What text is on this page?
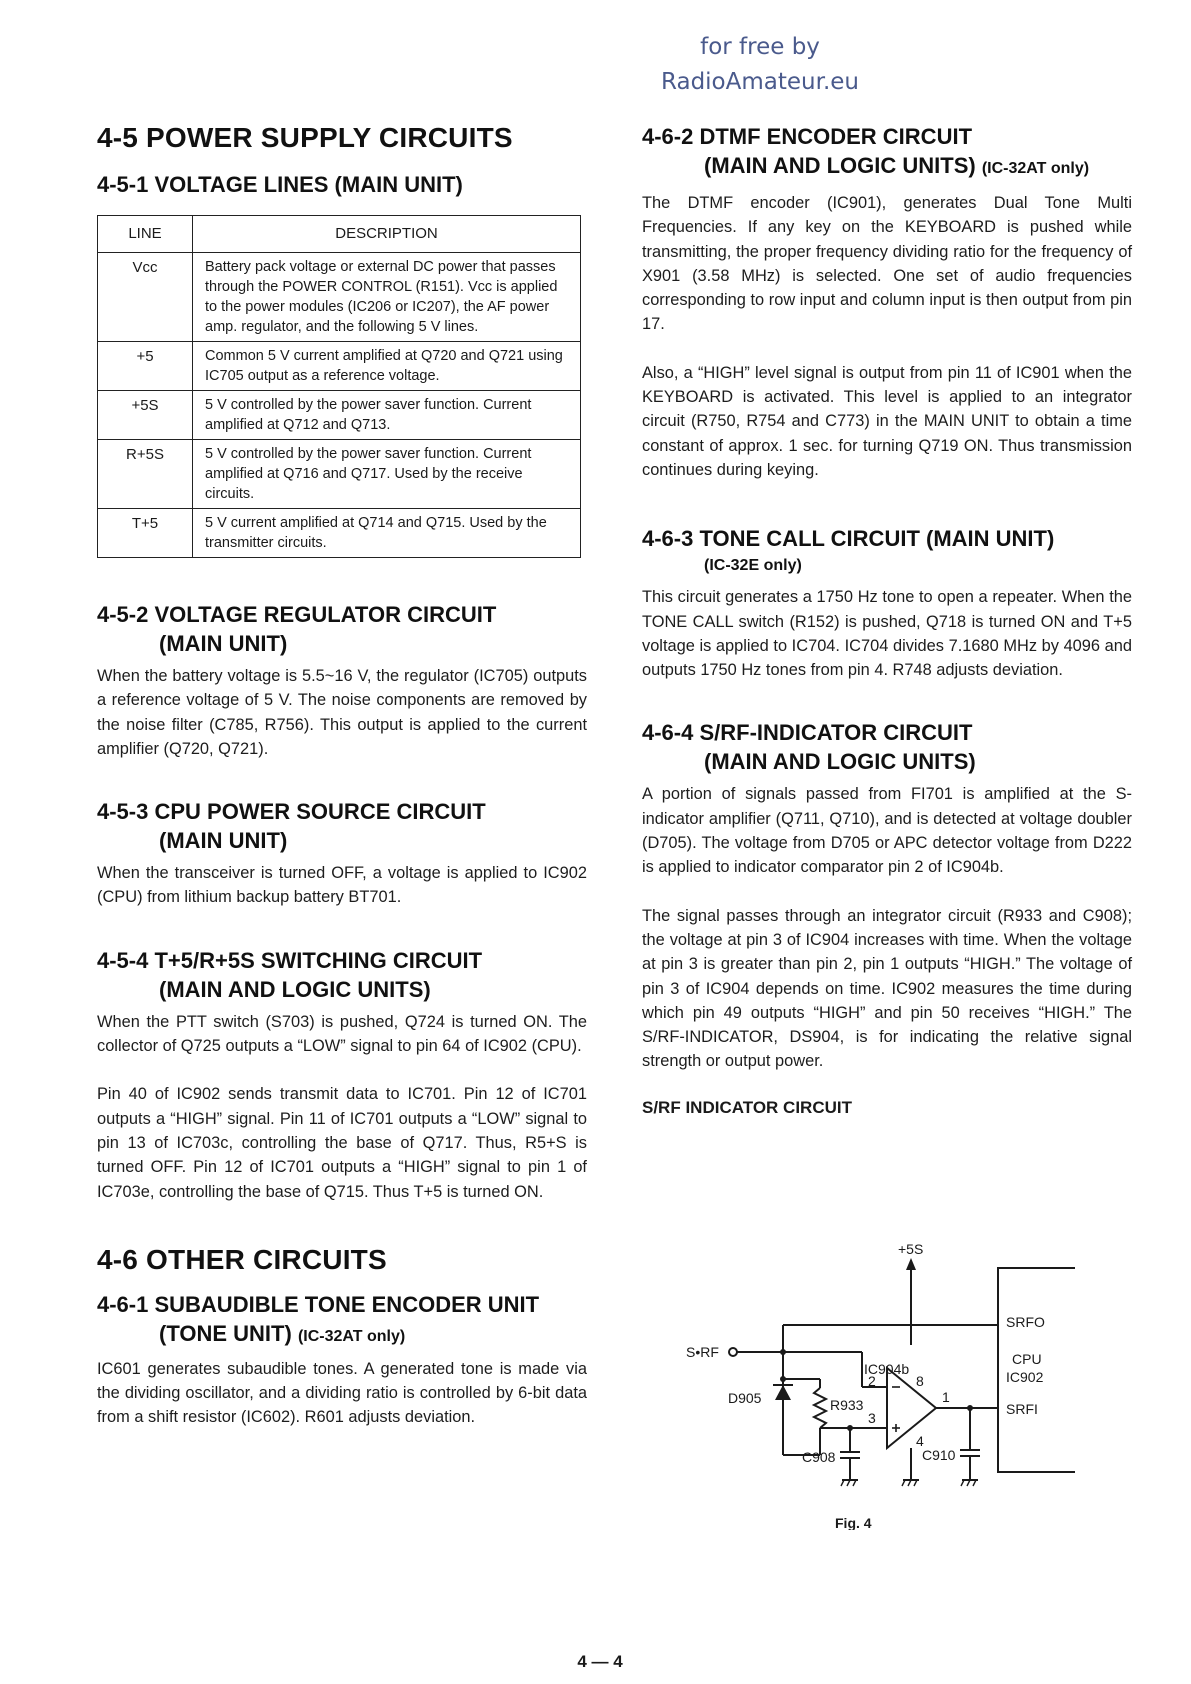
for free by
RadioAmateur.eu
4-5 POWER SUPPLY CIRCUITS
4-5-1 VOLTAGE LINES (MAIN UNIT)
LINE	DESCRIPTION
Vcc	Battery pack voltage or external DC power that passes through the POWER CONTROL (R151). Vcc is applied to the power modules (IC206 or IC207), the AF power amp. regulator, and the following 5 V lines.
+5	Common 5 V current amplified at Q720 and Q721 using IC705 output as a reference voltage.
+5S	5 V controlled by the power saver function. Current amplified at Q712 and Q713.
R+5S	5 V controlled by the power saver function. Current amplified at Q716 and Q717. Used by the receive circuits.
T+5	5 V current amplified at Q714 and Q715. Used by the transmitter circuits.
4-5-2 VOLTAGE REGULATOR CIRCUIT
(MAIN UNIT)

When the battery voltage is 5.5~16 V, the regulator (IC705) outputs a reference voltage of 5 V. The noise components are removed by the noise filter (C785, R756). This output is applied to the current amplifier (Q720, Q721).

4-5-3 CPU POWER SOURCE CIRCUIT
(MAIN UNIT)

When the transceiver is turned OFF, a voltage is applied to IC902 (CPU) from lithium backup battery BT701.

4-5-4 T+5/R+5S SWITCHING CIRCUIT
(MAIN AND LOGIC UNITS)

When the PTT switch (S703) is pushed, Q724 is turned ON. The collector of Q725 outputs a “LOW” signal to pin 64 of IC902 (CPU).

Pin 40 of IC902 sends transmit data to IC701. Pin 12 of IC701 outputs a “HIGH” signal. Pin 11 of IC701 outputs a “LOW” signal to pin 13 of IC703c, controlling the base of Q717. Thus, R5+S is turned OFF. Pin 12 of IC701 outputs a “HIGH” signal to pin 1 of IC703e, controlling the base of Q715. Thus T+5 is turned ON.

4-6 OTHER CIRCUITS
4-6-1 SUBAUDIBLE TONE ENCODER UNIT
(TONE UNIT) (IC-32AT only)

IC601 generates subaudible tones. A generated tone is made via the dividing oscillator, and a dividing ratio is controlled by 6-bit data from a shift resistor (IC602). R601 adjusts deviation.

4-6-2 DTMF ENCODER CIRCUIT
(MAIN AND LOGIC UNITS) (IC-32AT only)

The DTMF encoder (IC901), generates Dual Tone Multi Frequencies. If any key on the KEYBOARD is pushed while transmitting, the proper frequency dividing ratio for the frequency of X901 (3.58 MHz) is selected. One set of audio frequencies corresponding to row input and column input is then output from pin 17.

Also, a “HIGH” level signal is output from pin 11 of IC901 when the KEYBOARD is activated. This level is applied to an integrator circuit (R750, R754 and C773) in the MAIN UNIT to obtain a time constant of approx. 1 sec. for turning Q719 ON. Thus transmission continues during keying.

4-6-3 TONE CALL CIRCUIT (MAIN UNIT)
(IC-32E only)

This circuit generates a 1750 Hz tone to open a repeater. When the TONE CALL switch (R152) is pushed, Q718 is turned ON and T+5 voltage is applied to IC704. IC704 divides 7.1680 MHz by 4096 and outputs 1750 Hz tones from pin 4. R748 adjusts deviation.

4-6-4 S/RF-INDICATOR CIRCUIT
(MAIN AND LOGIC UNITS)

A portion of signals passed from FI701 is amplified at the S-indicator amplifier (Q711, Q710), and is detected at voltage doubler (D705). The voltage from D705 or APC detector voltage from D222 is applied to indicator comparator pin 2 of IC904b.

The signal passes through an integrator circuit (R933 and C908); the voltage at pin 3 of IC904 increases with time. When the voltage at pin 3 is greater than pin 2, pin 1 outputs “HIGH.” The voltage of pin 3 of IC904 depends on time. IC902 measures the time during which pin 49 outputs “HIGH” and pin 50 receives “HIGH.” The S/RF-INDICATOR, DS904, is for indicating the relative signal strength or output power.

S/RF INDICATOR CIRCUIT
+5S
S•RF
SRFO
CPU
IC902
SRFI
D905	R933
IC904b
2	8
3
1
4
C908	C910
Fig. 4
4 — 4
